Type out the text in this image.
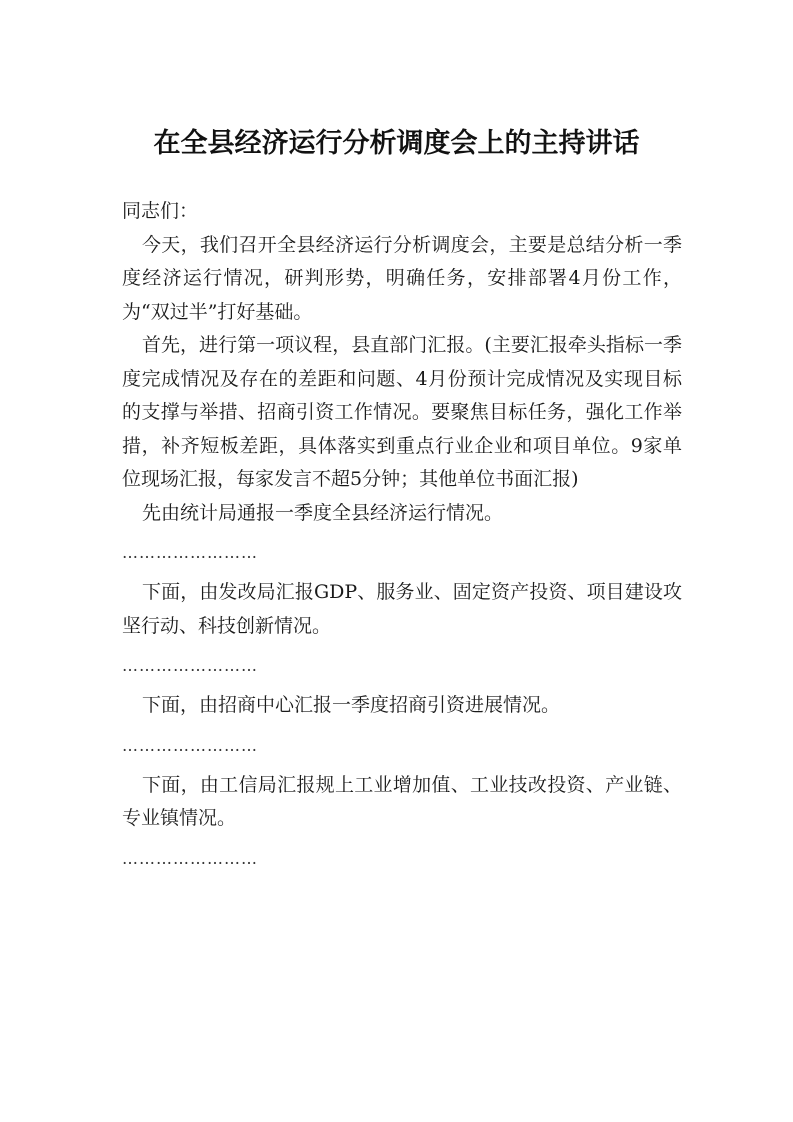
在全县经济运行分析调度会上的主持讲话

同志们：

今天，我们召开全县经济运行分析调度会，主要是总结分析一季度经济运行情况，研判形势，明确任务，安排部署4月份工作，为“双过半”打好基础。

首先，进行第一项议程，县直部门汇报。(主要汇报牵头指标一季度完成情况及存在的差距和问题、4月份预计完成情况及实现目标的支撑与举措、招商引资工作情况。要聚焦目标任务，强化工作举措，补齐短板差距，具体落实到重点行业企业和项目单位。9家单位现场汇报，每家发言不超5分钟；其他单位书面汇报)

先由统计局通报一季度全县经济运行情况。

……………………

下面，由发改局汇报GDP、服务业、固定资产投资、项目建设攻坚行动、科技创新情况。

……………………

下面，由招商中心汇报一季度招商引资进展情况。

……………………

下面，由工信局汇报规上工业增加值、工业技改投资、产业链、专业镇情况。

……………………
